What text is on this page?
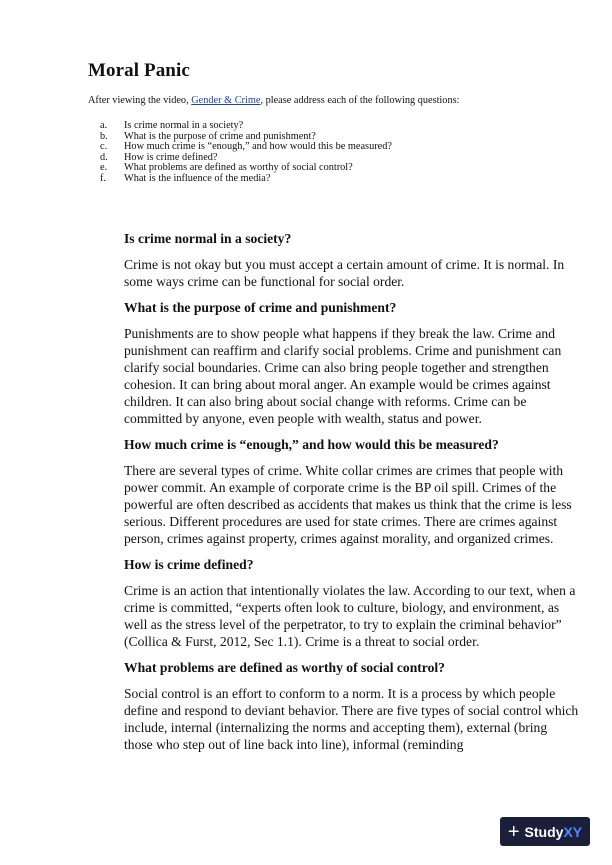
Moral Panic
After viewing the video, Gender & Crime, please address each of the following questions:
a.	Is crime normal in a society?
b.	What is the purpose of crime and punishment?
c.	How much crime is “enough,” and how would this be measured?
d.	How is crime defined?
e.	What problems are defined as worthy of social control?
f.	What is the influence of the media?
Is crime normal in a society?
Crime is not okay but you must accept a certain amount of crime. It is normal. In some ways crime can be functional for social order.
What is the purpose of crime and punishment?
Punishments are to show people what happens if they break the law. Crime and punishment can reaffirm and clarify social problems. Crime and punishment can clarify social boundaries. Crime can also bring people together and strengthen cohesion. It can bring about moral anger. An example would be crimes against children. It can also bring about social change with reforms. Crime can be committed by anyone, even people with wealth, status and power.
How much crime is “enough,” and how would this be measured?
There are several types of crime. White collar crimes are crimes that people with power commit. An example of corporate crime is the BP oil spill. Crimes of the powerful are often described as accidents that makes us think that the crime is less serious. Different procedures are used for state crimes. There are crimes against person, crimes against property, crimes against morality, and organized crimes.
How is crime defined?
Crime is an action that intentionally violates the law. According to our text, when a crime is committed, “experts often look to culture, biology, and environment, as well as the stress level of the perpetrator, to try to explain the criminal behavior” (Collica & Furst, 2012, Sec 1.1). Crime is a threat to social order.
What problems are defined as worthy of social control?
Social control is an effort to conform to a norm. It is a process by which people define and respond to deviant behavior. There are five types of social control which include, internal (internalizing the norms and accepting them), external (bring those who step out of line back into line), informal (reminding
+ Study XY
